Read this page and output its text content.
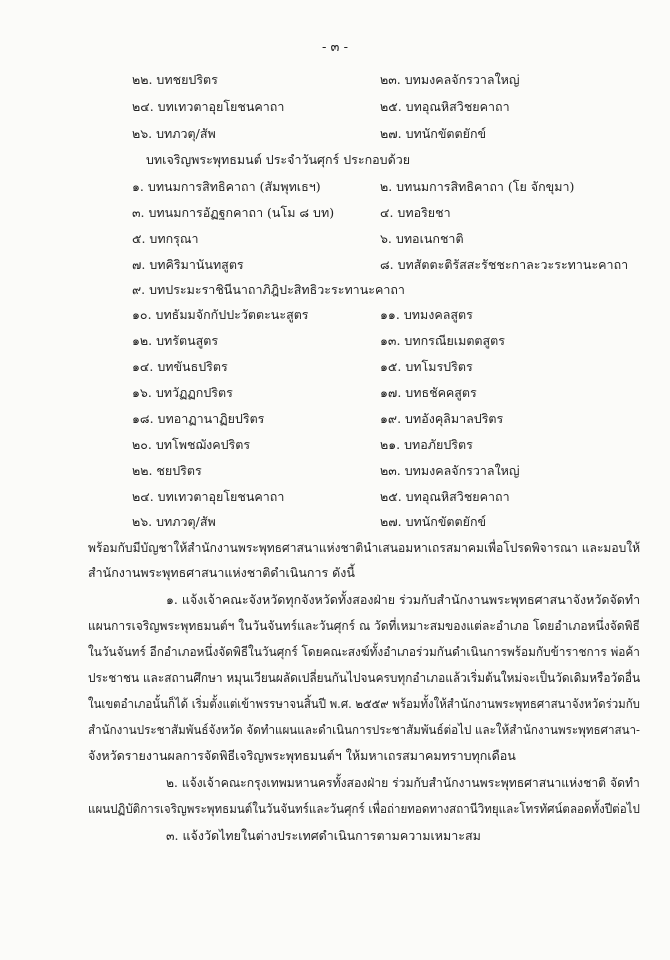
- ๓ -
๒๒. บทชยปริตร	๒๓. บทมงคลจักรวาลใหญ่
๒๔. บทเทวตาอุยโยชนคาถา	๒๕. บทอุณหิสวิชยคาถา
๒๖. บทภวตุ/สัพ	๒๗. บทนักขัตตยักข์
บทเจริญพระพุทธมนต์ ประจำวันศุกร์ ประกอบด้วย
๑. บทนมการสิทธิคาถา (สัมพุทเธฯ)	๒. บทนมการสิทธิคาถา (โย จักขุมา)
๓. บทนมการอัฏฐกคาถา (นโม ๘ บท)	๔. บทอริยชา
๕. บทกรุณา	๖. บทอเนกชาติ
๗. บทคิริมานันทสูตร	๘. บทสัตตะติรัสสะรัชชะกาละวะระทานะคาถา
๙. บทประมะราชินีนาถาภิฎิปะสิทธิวะระทานะคาถา
๑๐. บทธัมมจักกัปปะวัตตะนะสูตร	๑๑. บทมงคลสูตร
๑๒. บทรัตนสูตร	๑๓. บทกรณียเมตตสูตร
๑๔. บทขันธปริตร	๑๕. บทโมรปริตร
๑๖. บทวัฏฏกปริตร	๑๗. บทธชัคคสูตร
๑๘. บทอาฏานาฏิยปริตร	๑๙. บทอังคุลิมาลปริตร
๒๐. บทโพชฌังคปริตร	๒๑. บทอภัยปริตร
๒๒. ชยปริตร	๒๓. บทมงคลจักรวาลใหญ่
๒๔. บทเทวตาอุยโยชนคาถา	๒๕. บทอุณหิสวิชยคาถา
๒๖. บทภวตุ/สัพ	๒๗. บทนักขัตตยักข์
พร้อมกับมีบัญชาให้สำนักงานพระพุทธศาสนาแห่งชาตินำเสนอมหาเถรสมาคมเพื่อโปรดพิจารณา และมอบให้
สำนักงานพระพุทธศาสนาแห่งชาติดำเนินการ ดังนี้
๑. แจ้งเจ้าคณะจังหวัดทุกจังหวัดทั้งสองฝ่าย ร่วมกับสำนักงานพระพุทธศาสนาจังหวัดจัดทำ
แผนการเจริญพระพุทธมนต์ฯ ในวันจันทร์และวันศุกร์ ณ วัดที่เหมาะสมของแต่ละอำเภอ โดยอำเภอหนึ่งจัดพิธี
ในวันจันทร์ อีกอำเภอหนึ่งจัดพิธีในวันศุกร์ โดยคณะสงฆ์ทั้งอำเภอร่วมกันดำเนินการพร้อมกับข้าราชการ พ่อค้า
ประชาชน และสถานศึกษา หมุนเวียนผลัดเปลี่ยนกันไปจนครบทุกอำเภอแล้วเริ่มต้นใหม่จะเป็นวัดเดิมหรือวัดอื่น
ในเขตอำเภอนั้นก็ได้ เริ่มตั้งแต่เข้าพรรษาจนสิ้นปี พ.ศ. ๒๕๕๙ พร้อมทั้งให้สำนักงานพระพุทธศาสนาจังหวัดร่วมกับ
สำนักงานประชาสัมพันธ์จังหวัด จัดทำแผนและดำเนินการประชาสัมพันธ์ต่อไป และให้สำนักงานพระพุทธศาสนา-
จังหวัดรายงานผลการจัดพิธีเจริญพระพุทธมนต์ฯ ให้มหาเถรสมาคมทราบทุกเดือน
๒. แจ้งเจ้าคณะกรุงเทพมหานครทั้งสองฝ่าย ร่วมกับสำนักงานพระพุทธศาสนาแห่งชาติ จัดทำ
แผนปฏิบัติการเจริญพระพุทธมนต์ในวันจันทร์และวันศุกร์ เพื่อถ่ายทอดทางสถานีวิทยุและโทรทัศน์ตลอดทั้งปีต่อไป
๓. แจ้งวัดไทยในต่างประเทศดำเนินการตามความเหมาะสม
